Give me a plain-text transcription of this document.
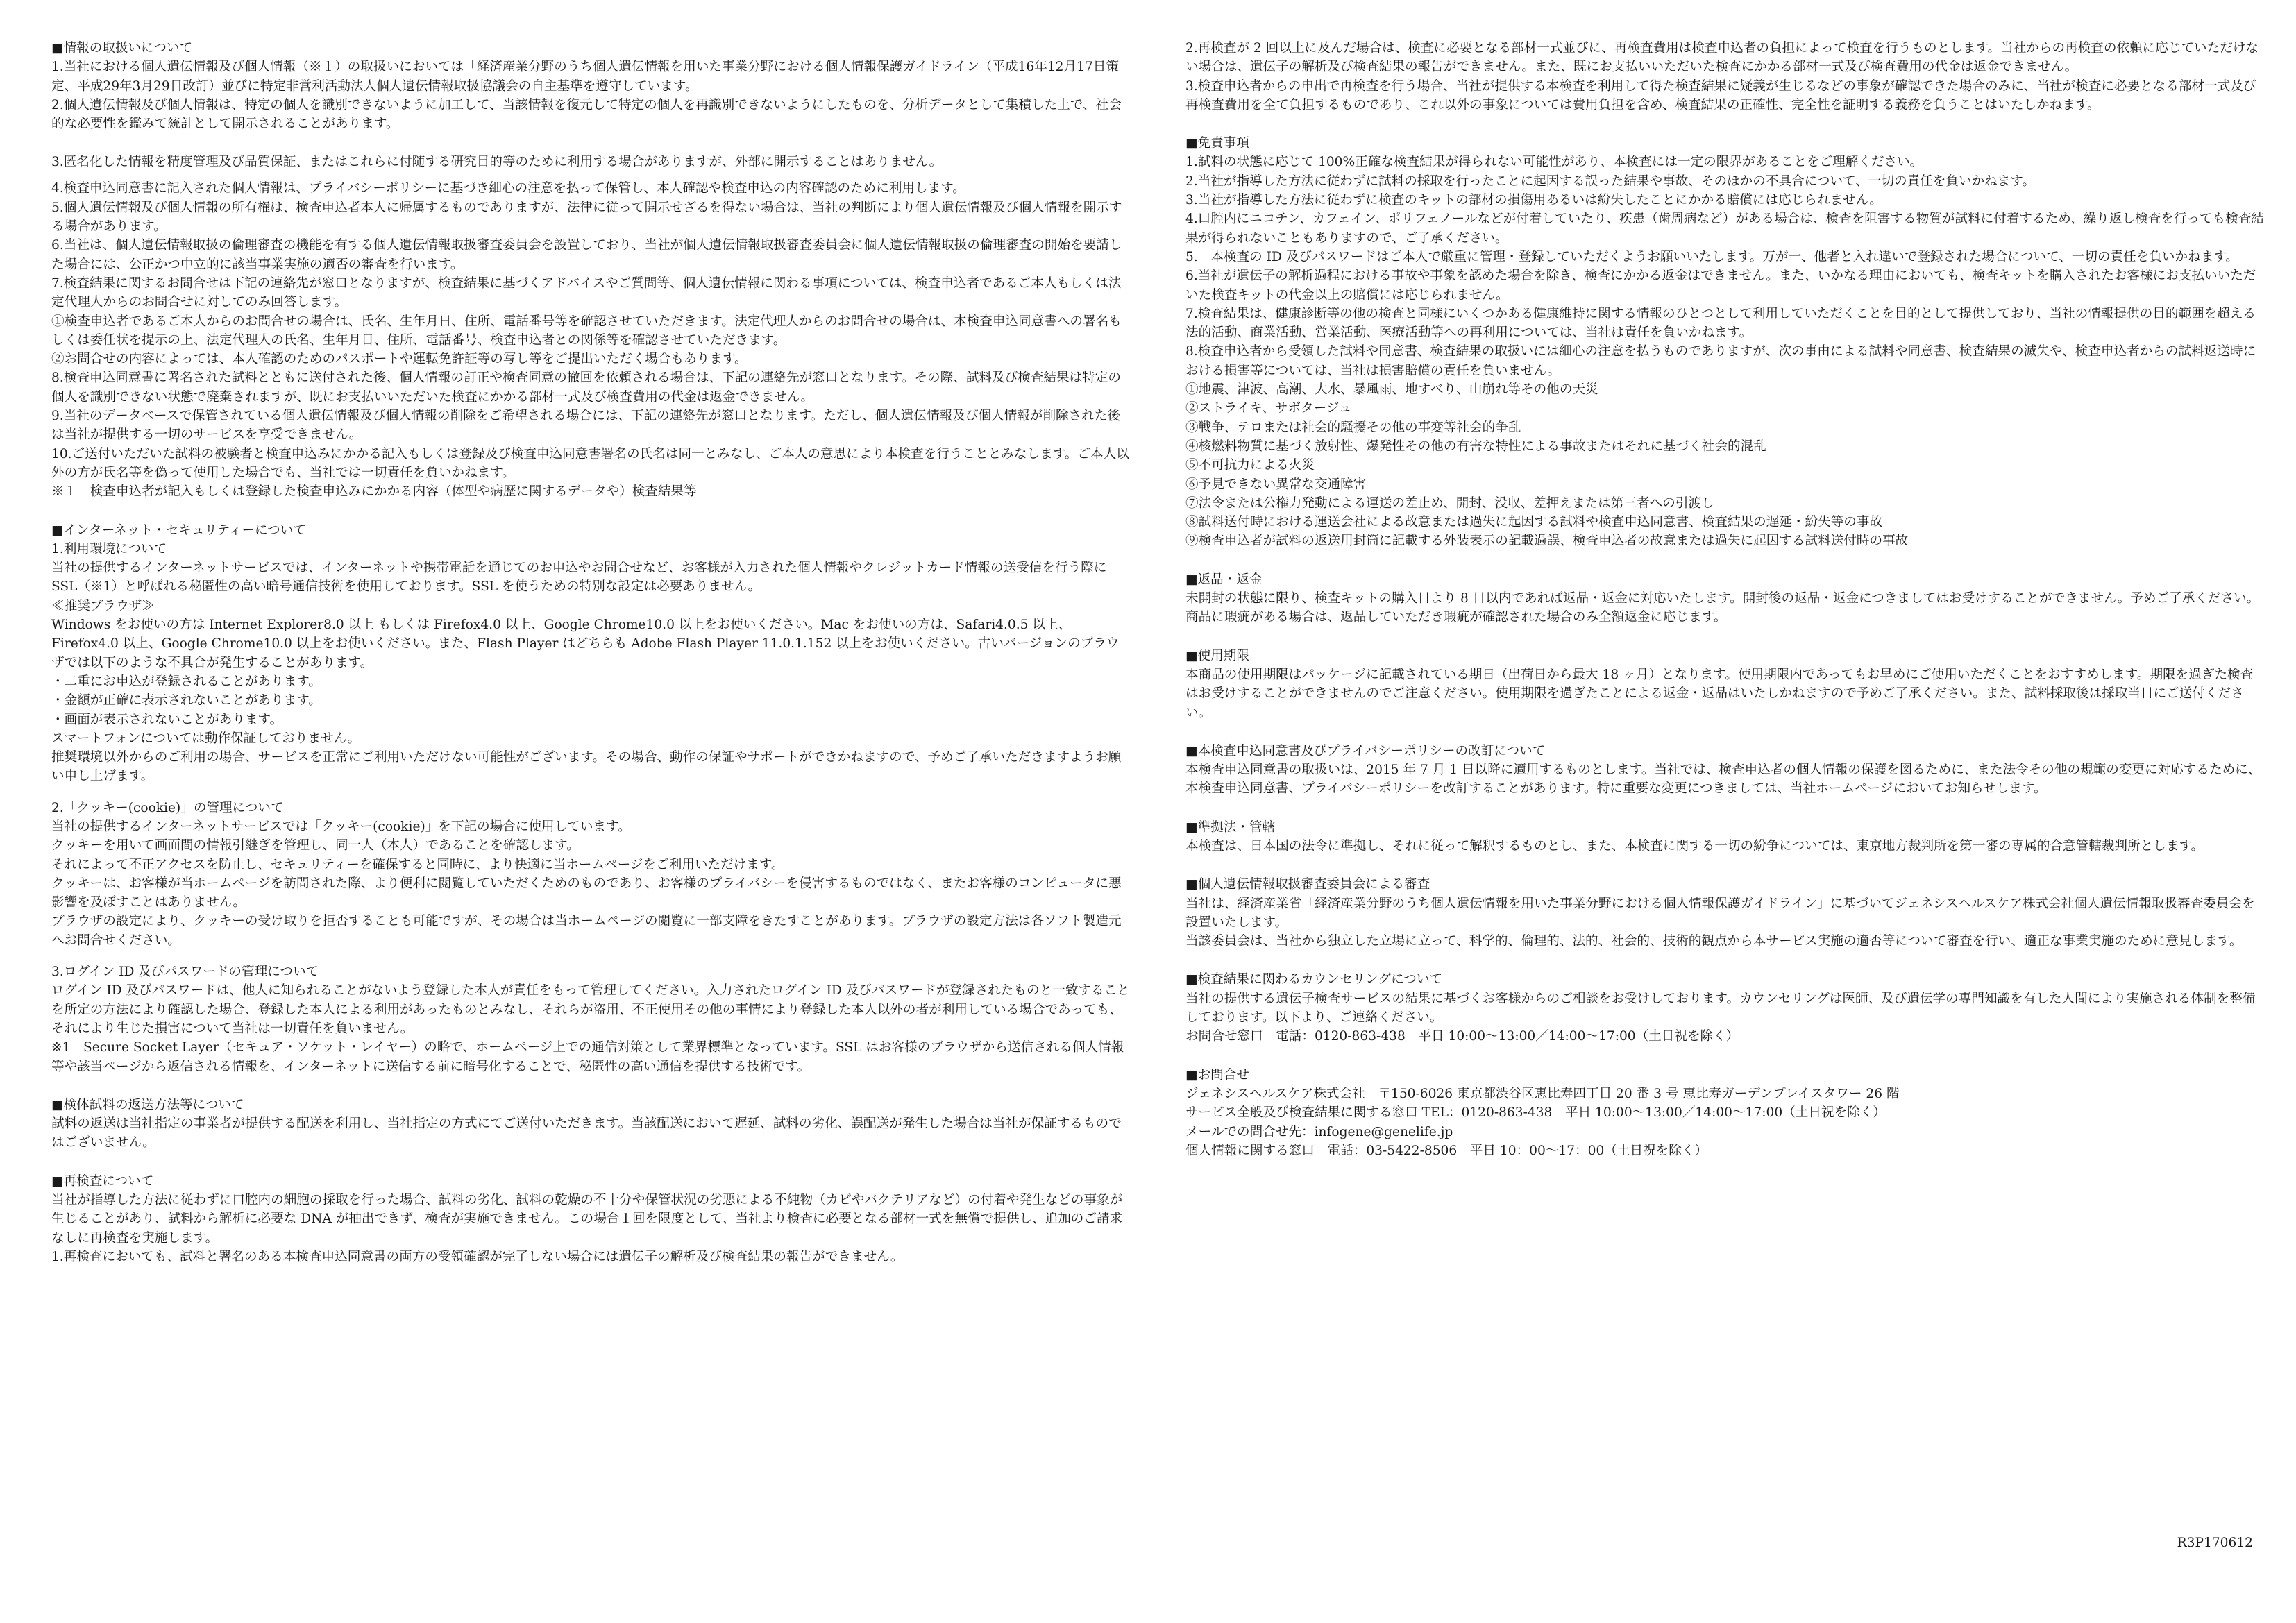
■情報の取扱いについて
1.当社における個人遺伝情報及び個人情報（※１）の取扱いにおいては「経済産業分野のうち個人遺伝情報を用いた事業分野における個人情報保護ガイドライン（平成16年12月17日策定、平成29年3月29日改訂）並びに特定非営利活動法人個人遺伝情報取扱協議会の自主基準を遵守しています。
2.個人遺伝情報及び個人情報は、特定の個人を識別できないように加工して、当該情報を復元して特定の個人を再識別できないようにしたものを、分析データとして集積した上で、社会的な必要性を鑑みて統計として開示されることがあります。
3.匿名化した情報を精度管理及び品質保証、またはこれらに付随する研究目的等のために利用する場合がありますが、外部に開示することはありません。
4.検査申込同意書に記入された個人情報は、プライバシーポリシーに基づき細心の注意を払って保管し、本人確認や検査申込の内容確認のために利用します。
5.個人遺伝情報及び個人情報の所有権は、検査申込者本人に帰属するものでありますが、法律に従って開示せざるを得ない場合は、当社の判断により個人遺伝情報及び個人情報を開示する場合があります。
6.当社は、個人遺伝情報取扱の倫理審査の機能を有する個人遺伝情報取扱審査委員会を設置しており、当社が個人遺伝情報取扱審査委員会に個人遺伝情報取扱の倫理審査の開始を要請した場合には、公正かつ中立的に該当事業実施の適否の審査を行います。
7.検査結果に関するお問合せは下記の連絡先が窓口となりますが、検査結果に基づくアドバイスやご質問等、個人遺伝情報に関わる事項については、検査申込者であるご本人もしくは法定代理人からのお問合せに対してのみ回答します。
①検査申込者であるご本人からのお問合せの場合は、氏名、生年月日、住所、電話番号等を確認させていただきます。法定代理人からのお問合せの場合は、本検査申込同意書への署名もしくは委任状を提示の上、法定代理人の氏名、生年月日、住所、電話番号、検査申込者との関係等を確認させていただきます。
②お問合せの内容によっては、本人確認のためのパスポートや運転免許証等の写し等をご提出いただく場合もあります。
8.検査申込同意書に署名された試料とともに送付された後、個人情報の訂正や検査同意の撤回を依頼される場合は、下記の連絡先が窓口となります。その際、試料及び検査結果は特定の個人を識別できない状態で廃棄されますが、既にお支払いいただいた検査にかかる部材一式及び検査費用の代金は返金できません。
9.当社のデータベースで保管されている個人遺伝情報及び個人情報の削除をご希望される場合には、下記の連絡先が窓口となります。ただし、個人遺伝情報及び個人情報が削除された後は当社が提供する一切のサービスを享受できません。
10.ご送付いただいた試料の被験者と検査申込みにかかる記入もしくは登録及び検査申込同意書署名の氏名は同一とみなし、ご本人の意思により本検査を行うこととみなします。ご本人以外の方が氏名等を偽って使用した場合でも、当社では一切責任を負いかねます。
※１　検査申込者が記入もしくは登録した検査申込みにかかる内容（体型や病歴に関するデータや）検査結果等
■インターネット・セキュリティーについて
1.利用環境について
当社の提供するインターネットサービスでは、インターネットや携帯電話を通じてのお申込やお問合せなど、お客様が入力された個人情報やクレジットカード情報の送受信を行う際に SSL（※1）と呼ばれる秘匿性の高い暗号通信技術を使用しております。SSL を使うための特別な設定は必要ありません。
≪推奨ブラウザ≫
Windows をお使いの方は Internet Explorer8.0 以上 もしくは Firefox4.0 以上、Google Chrome10.0 以上をお使いください。Mac をお使いの方は、Safari4.0.5 以上、Firefox4.0 以上、Google Chrome10.0 以上をお使いください。また、Flash Player はどちらも Adobe Flash Player 11.0.1.152 以上をお使いください。古いバージョンのブラウザでは以下のような不具合が発生することがあります。
・二重にお申込が登録されることがあります。
・金額が正確に表示されないことがあります。
・画面が表示されないことがあります。
スマートフォンについては動作保証しておりません。
推奨環境以外からのご利用の場合、サービスを正常にご利用いただけない可能性がございます。その場合、動作の保証やサポートができかねますので、予めご了承いただきますようお願い申し上げます。
2.「クッキー(cookie)」の管理について
当社の提供するインターネットサービスでは「クッキー(cookie)」を下記の場合に使用しています。
クッキーを用いて画面間の情報引継ぎを管理し、同一人（本人）であることを確認します。
それによって不正アクセスを防止し、セキュリティーを確保すると同時に、より快適に当ホームページをご利用いただけます。
クッキーは、お客様が当ホームページを訪問された際、より便利に閲覧していただくためのものであり、お客様のプライバシーを侵害するものではなく、またお客様のコンピュータに悪影響を及ぼすことはありません。
ブラウザの設定により、クッキーの受け取りを拒否することも可能ですが、その場合は当ホームページの閲覧に一部支障をきたすことがあります。ブラウザの設定方法は各ソフト製造元へお問合せください。
3.ログイン ID 及びパスワードの管理について
ログイン ID 及びパスワードは、他人に知られることがないよう登録した本人が責任をもって管理してください。入力されたログイン ID 及びパスワードが登録されたものと一致することを所定の方法により確認した場合、登録した本人による利用があったものとみなし、それらが盗用、不正使用その他の事情により登録した本人以外の者が利用している場合であっても、それにより生じた損害について当社は一切責任を負いません。
※1　Secure Socket Layer（セキュア・ソケット・レイヤー）の略で、ホームページ上での通信対策として業界標準となっています。SSL はお客様のブラウザから送信される個人情報等や該当ページから返信される情報を、インターネットに送信する前に暗号化することで、秘匿性の高い通信を提供する技術です。
■検体試料の返送方法等について
試料の返送は当社指定の事業者が提供する配送を利用し、当社指定の方式にてご送付いただきます。当該配送において遅延、試料の劣化、誤配送が発生した場合は当社が保証するものではございません。
■再検査について
当社が指導した方法に従わずに口腔内の細胞の採取を行った場合、試料の劣化、試料の乾燥の不十分や保管状況の劣悪による不純物（カビやバクテリアなど）の付着や発生などの事象が生じることがあり、試料から解析に必要な DNA が抽出できず、検査が実施できません。この場合１回を限度として、当社より検査に必要となる部材一式を無償で提供し、追加のご請求なしに再検査を実施します。
1.再検査においても、試料と署名のある本検査申込同意書の両方の受領確認が完了しない場合には遺伝子の解析及び検査結果の報告ができません。
2.再検査が 2 回以上に及んだ場合は、検査に必要となる部材一式並びに、再検査費用は検査申込者の負担によって検査を行うものとします。当社からの再検査の依頼に応じていただけない場合は、遺伝子の解析及び検査結果の報告ができません。また、既にお支払いいただいた検査にかかる部材一式及び検査費用の代金は返金できません。
3.検査申込者からの申出で再検査を行う場合、当社が提供する本検査を利用して得た検査結果に疑義が生じるなどの事象が確認できた場合のみに、当社が検査に必要となる部材一式及び再検査費用を全て負担するものであり、これ以外の事象については費用負担を含め、検査結果の正確性、完全性を証明する義務を負うことはいたしかねます。
■免責事項
1.試料の状態に応じて 100%正確な検査結果が得られない可能性があり、本検査には一定の限界があることをご理解ください。
2.当社が指導した方法に従わずに試料の採取を行ったことに起因する誤った結果や事故、そのほかの不具合について、一切の責任を負いかねます。
3.当社が指導した方法に従わずに検査のキットの部材の損傷用あるいは紛失したことにかかる賠償には応じられません。
4.口腔内にニコチン、カフェイン、ポリフェノールなどが付着していたり、疾患（歯周病など）がある場合は、検査を阻害する物質が試料に付着するため、繰り返し検査を行っても検査結果が得られないこともありますので、ご了承ください。
5.　本検査の ID 及びパスワードはご本人で厳重に管理・登録していただくようお願いいたします。万が一、他者と入れ違いで登録された場合について、一切の責任を負いかねます。
6.当社が遺伝子の解析過程における事故や事象を認めた場合を除き、検査にかかる返金はできません。また、いかなる理由においても、検査キットを購入されたお客様にお支払いいただいた検査キットの代金以上の賠償には応じられません。
7.検査結果は、健康診断等の他の検査と同様にいくつかある健康維持に関する情報のひとつとして利用していただくことを目的として提供しており、当社の情報提供の目的範囲を超える法的活動、商業活動、営業活動、医療活動等への再利用については、当社は責任を負いかねます。
8.検査申込者から受領した試料や同意書、検査結果の取扱いには細心の注意を払うものでありますが、次の事由による試料や同意書、検査結果の滅失や、検査申込者からの試料返送時における損害等については、当社は損害賠償の責任を負いません。
①地震、津波、高潮、大水、暴風雨、地すべり、山崩れ等その他の天災
②ストライキ、サボタージュ
③戦争、テロまたは社会的騒擾その他の事変等社会的争乱
④核燃料物質に基づく放射性、爆発性その他の有害な特性による事故またはそれに基づく社会的混乱
⑤不可抗力による火災
⑥予見できない異常な交通障害
⑦法令または公権力発動による運送の差止め、開封、没収、差押えまたは第三者への引渡し
⑧試料送付時における運送会社による故意または過失に起因する試料や検査申込同意書、検査結果の遅延・紛失等の事故
⑨検査申込者が試料の返送用封筒に記載する外装表示の記載過誤、検査申込者の故意または過失に起因する試料送付時の事故
■返品・返金
未開封の状態に限り、検査キットの購入日より 8 日以内であれば返品・返金に対応いたします。開封後の返品・返金につきましてはお受けすることができません。予めご了承ください。商品に瑕疵がある場合は、返品していただき瑕疵が確認された場合のみ全額返金に応じます。
■使用期限
本商品の使用期限はパッケージに記載されている期日（出荷日から最大 18 ヶ月）となります。使用期限内であってもお早めにご使用いただくことをおすすめします。期限を過ぎた検査はお受けすることができませんのでご注意ください。使用期限を過ぎたことによる返金・返品はいたしかねますので予めご了承ください。また、試料採取後は採取当日にご送付ください。
■本検査申込同意書及びプライバシーポリシーの改訂について
本検査申込同意書の取扱いは、2015 年 7 月 1 日以降に適用するものとします。当社では、検査申込者の個人情報の保護を図るために、また法令その他の規範の変更に対応するために、本検査申込同意書、プライバシーポリシーを改訂することがあります。特に重要な変更につきましては、当社ホームページにおいてお知らせします。
■準拠法・管轄
本検査は、日本国の法令に準拠し、それに従って解釈するものとし、また、本検査に関する一切の紛争については、東京地方裁判所を第一審の専属的合意管轄裁判所とします。
■個人遺伝情報取扱審査委員会による審査
当社は、経済産業省「経済産業分野のうち個人遺伝情報を用いた事業分野における個人情報保護ガイドライン」に基づいてジェネシスヘルスケア株式会社個人遺伝情報取扱審査委員会を設置いたします。
当該委員会は、当社から独立した立場に立って、科学的、倫理的、法的、社会的、技術的観点から本サービス実施の適否等について審査を行い、適正な事業実施のために意見します。
■検査結果に関わるカウンセリングについて
当社の提供する遺伝子検査サービスの結果に基づくお客様からのご相談をお受けしております。カウンセリングは医師、及び遺伝学の専門知識を有した人間により実施される体制を整備しております。以下より、ご連絡ください。
お問合せ窓口　電話：0120-863-438　平日 10:00～13:00／14:00～17:00（土日祝を除く）
■お問合せ
ジェネシスヘルスケア株式会社　〒150-6026 東京都渋谷区恵比寿四丁目 20 番 3 号 恵比寿ガーデンプレイスタワー 26 階
サービス全般及び検査結果に関する窓口 TEL：0120-863-438　平日 10:00～13:00／14:00～17:00（土日祝を除く）
メールでの問合せ先：infogene@genelife.jp
個人情報に関する窓口　電話：03-5422-8506　平日 10：00～17：00（土日祝を除く）
R3P170612
